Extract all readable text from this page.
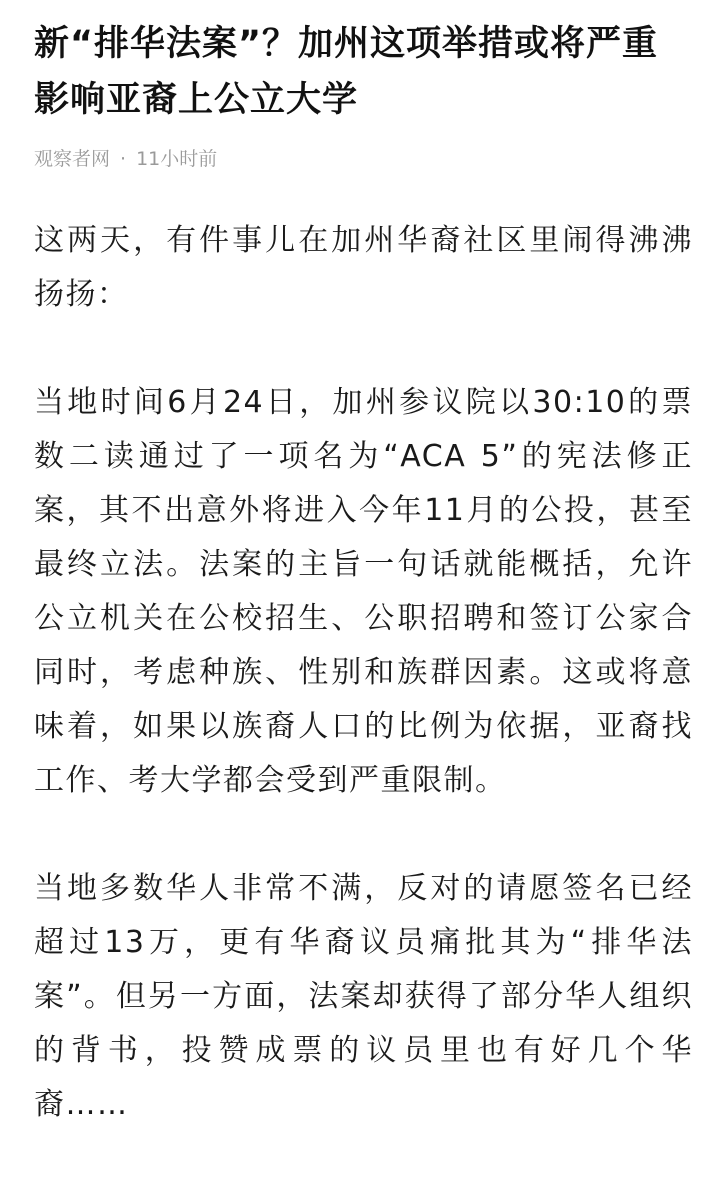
新“排华法案”？加州这项举措或将严重影响亚裔上公立大学
观察者网 · 11小时前

这两天，有件事儿在加州华裔社区里闹得沸沸扬扬：

当地时间6月24日，加州参议院以30:10的票数二读通过了一项名为“ACA 5”的宪法修正案，其不出意外将进入今年11月的公投，甚至最终立法。法案的主旨一句话就能概括，允许公立机关在公校招生、公职招聘和签订公家合同时，考虑种族、性别和族群因素。这或将意味着，如果以族裔人口的比例为依据，亚裔找工作、考大学都会受到严重限制。

当地多数华人非常不满，反对的请愿签名已经超过13万，更有华裔议员痛批其为“排华法案”。但另一方面，法案却获得了部分华人组织的背书，投赞成票的议员里也有好几个华裔……
